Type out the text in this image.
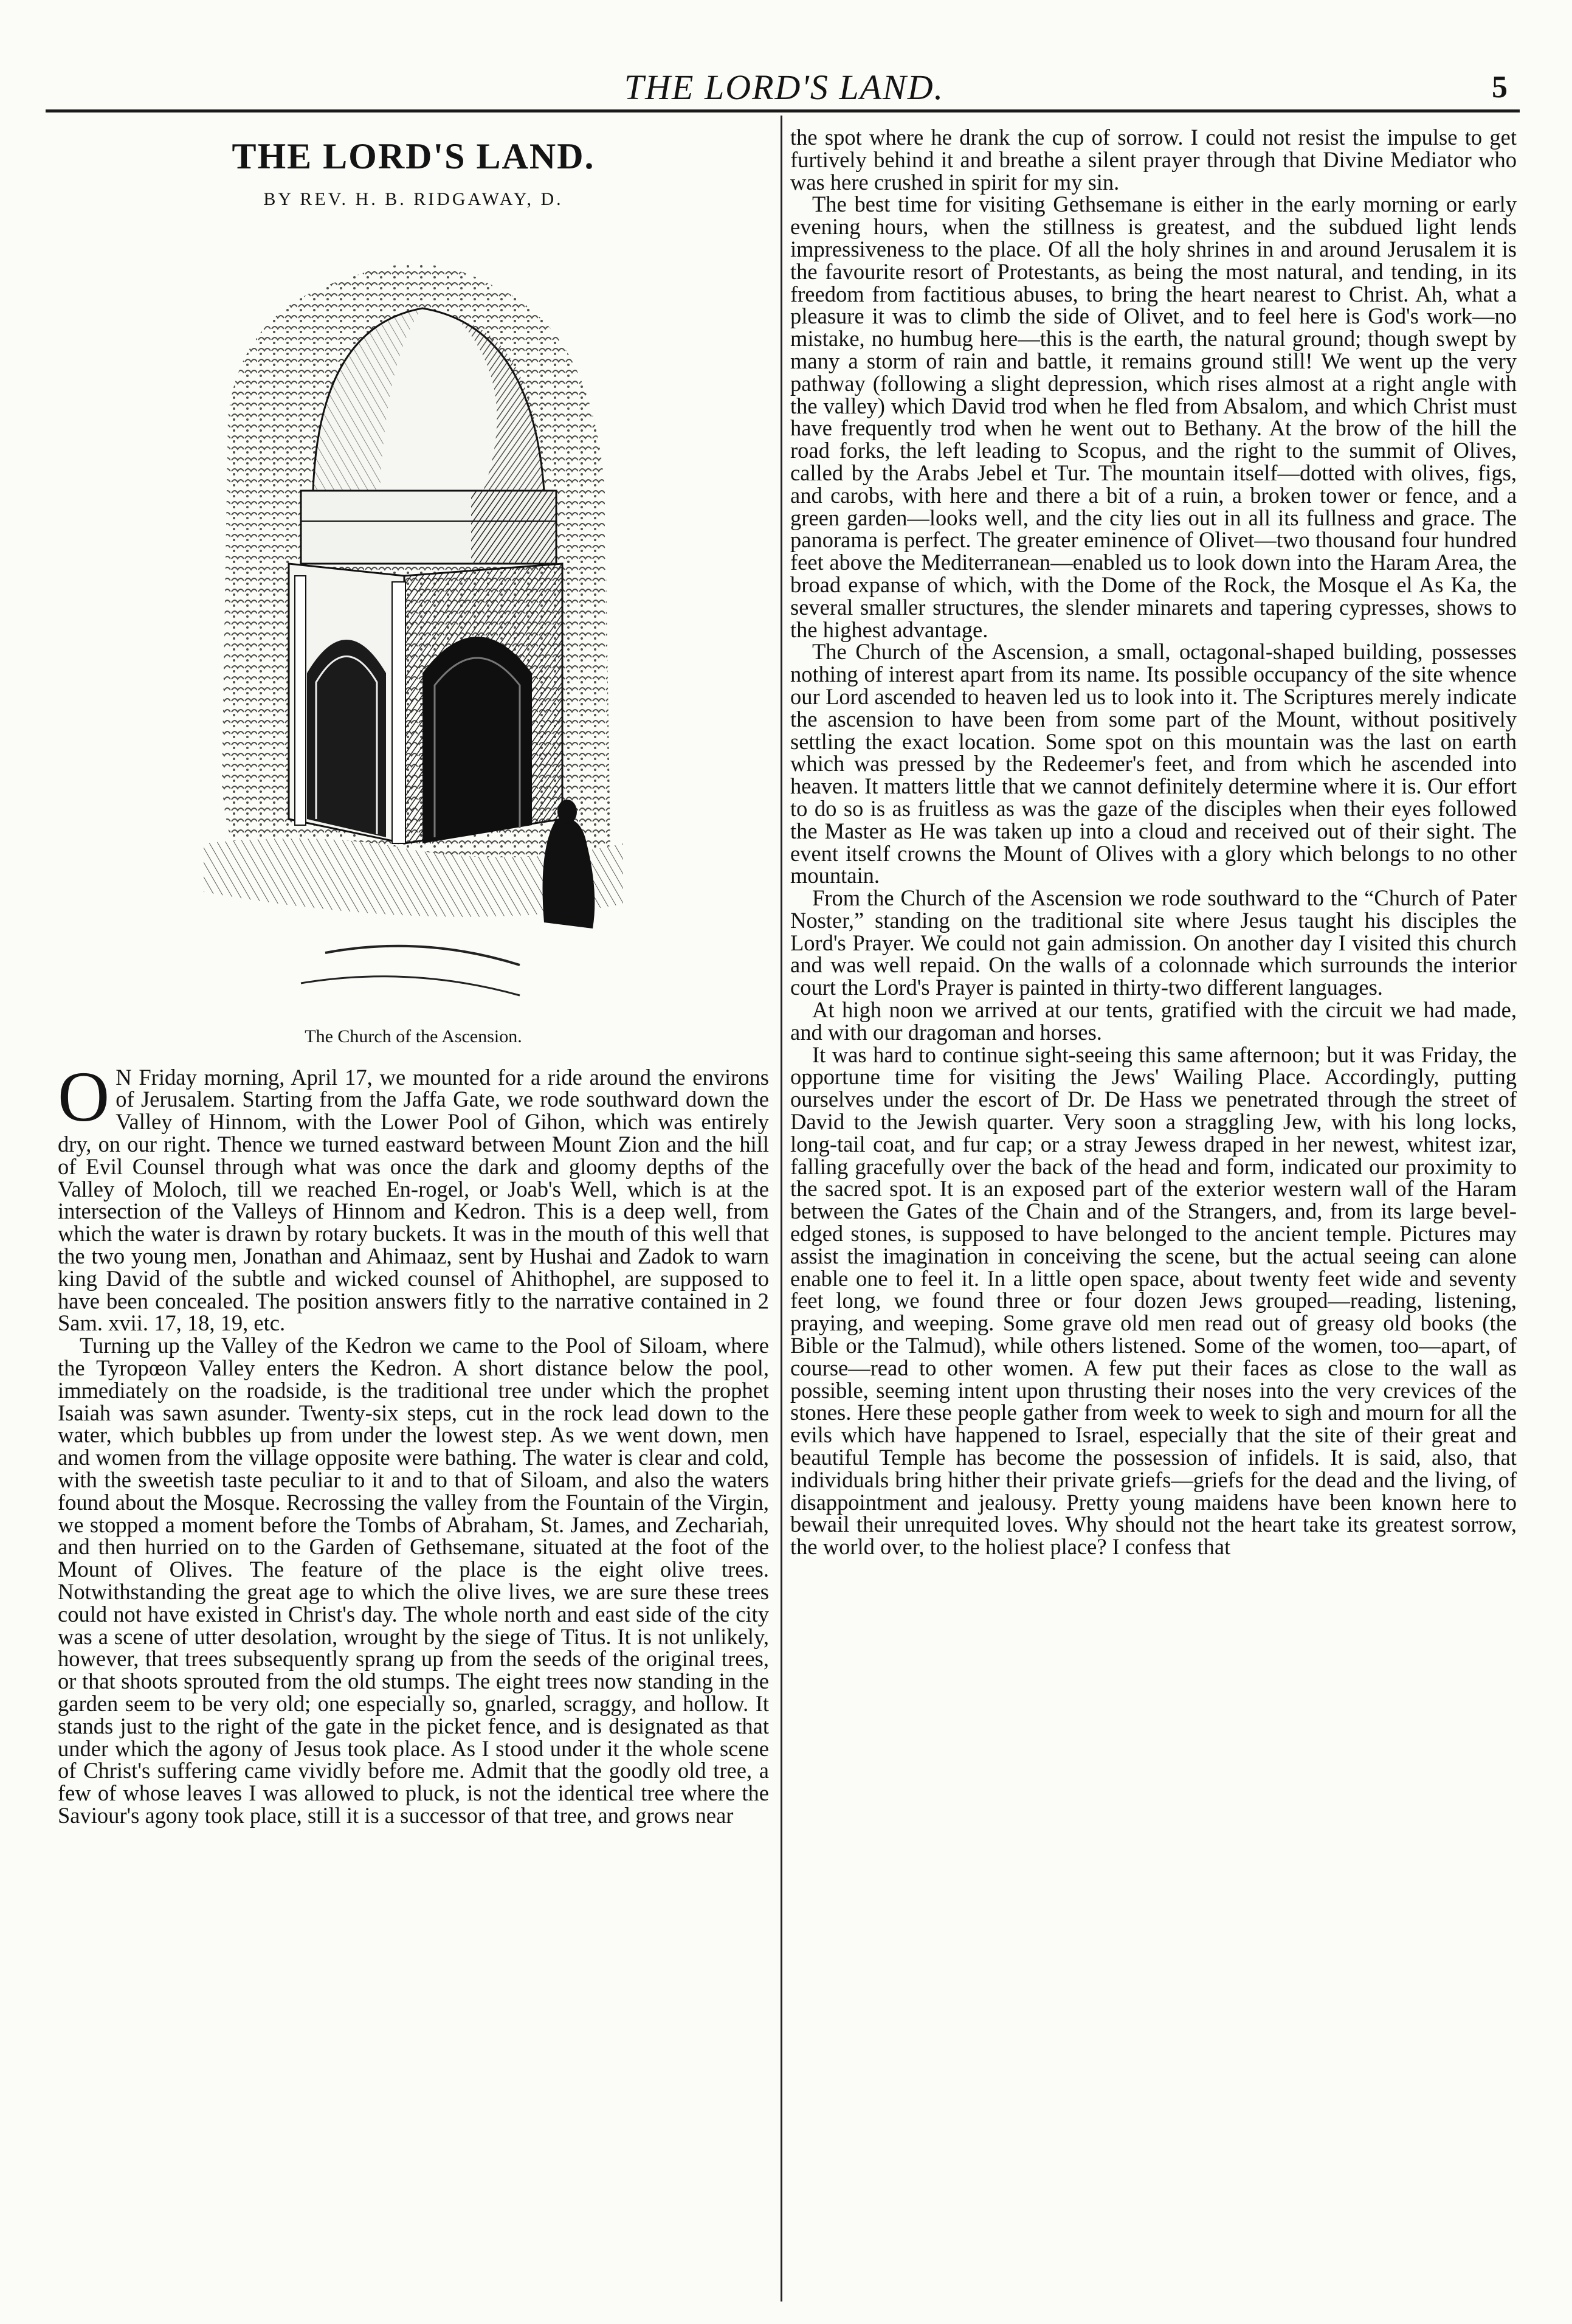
THE LORD'S LAND.	5
THE LORD'S LAND.
BY REV. H. B. RIDGAWAY, D.
The Church of the Ascension.

O N Friday morning, April 17, we mounted for a ride around the environs of Jerusalem. Starting from the Jaffa Gate, we rode southward down the Valley of Hinnom, with the Lower Pool of Gihon, which was entirely dry, on our right. Thence we turned eastward between Mount Zion and the hill of Evil Counsel through what was once the dark and gloomy depths of the Valley of Moloch, till we reached En-rogel, or Joab's Well, which is at the intersection of the Valleys of Hinnom and Kedron. This is a deep well, from which the water is drawn by rotary buckets. It was in the mouth of this well that the two young men, Jonathan and Ahimaaz, sent by Hushai and Zadok to warn king David of the subtle and wicked counsel of Ahithophel, are supposed to have been concealed. The position answers fitly to the narrative contained in 2 Sam. xvii. 17, 18, 19, etc.

Turning up the Valley of the Kedron we came to the Pool of Siloam, where the Tyropœon Valley enters the Kedron. A short distance below the pool, immediately on the roadside, is the traditional tree under which the prophet Isaiah was sawn asunder. Twenty-six steps, cut in the rock lead down to the water, which bubbles up from under the lowest step. As we went down, men and women from the village opposite were bathing. The water is clear and cold, with the sweetish taste peculiar to it and to that of Siloam, and also the waters found about the Mosque. Recrossing the valley from the Fountain of the Virgin, we stopped a moment before the Tombs of Abraham, St. James, and Zechariah, and then hurried on to the Garden of Gethsemane, situated at the foot of the Mount of Olives. The feature of the place is the eight olive trees. Notwithstanding the great age to which the olive lives, we are sure these trees could not have existed in Christ's day. The whole north and east side of the city was a scene of utter desolation, wrought by the siege of Titus. It is not unlikely, however, that trees subsequently sprang up from the seeds of the original trees, or that shoots sprouted from the old stumps. The eight trees now standing in the garden seem to be very old; one especially so, gnarled, scraggy, and hollow. It stands just to the right of the gate in the picket fence, and is designated as that under which the agony of Jesus took place. As I stood under it the whole scene of Christ's suffering came vividly before me. Admit that the goodly old tree, a few of whose leaves I was allowed to pluck, is not the identical tree where the Saviour's agony took place, still it is a successor of that tree, and grows near

the spot where he drank the cup of sorrow. I could not resist the impulse to get furtively behind it and breathe a silent prayer through that Divine Mediator who was here crushed in spirit for my sin.

The best time for visiting Gethsemane is either in the early morning or early evening hours, when the stillness is greatest, and the subdued light lends impressiveness to the place. Of all the holy shrines in and around Jerusalem it is the favourite resort of Protestants, as being the most natural, and tending, in its freedom from factitious abuses, to bring the heart nearest to Christ. Ah, what a pleasure it was to climb the side of Olivet, and to feel here is God's work—no mistake, no humbug here—this is the earth, the natural ground; though swept by many a storm of rain and battle, it remains ground still! We went up the very pathway (following a slight depression, which rises almost at a right angle with the valley) which David trod when he fled from Absalom, and which Christ must have frequently trod when he went out to Bethany. At the brow of the hill the road forks, the left leading to Scopus, and the right to the summit of Olives, called by the Arabs Jebel et Tur. The mountain itself—dotted with olives, figs, and carobs, with here and there a bit of a ruin, a broken tower or fence, and a green garden—looks well, and the city lies out in all its fullness and grace. The panorama is perfect. The greater eminence of Olivet—two thousand four hundred feet above the Mediterranean—enabled us to look down into the Haram Area, the broad expanse of which, with the Dome of the Rock, the Mosque el As Ka, the several smaller structures, the slender minarets and tapering cypresses, shows to the highest advantage.

The Church of the Ascension, a small, octagonal-shaped building, possesses nothing of interest apart from its name. Its possible occupancy of the site whence our Lord ascended to heaven led us to look into it. The Scriptures merely indicate the ascension to have been from some part of the Mount, without positively settling the exact location. Some spot on this mountain was the last on earth which was pressed by the Redeemer's feet, and from which he ascended into heaven. It matters little that we cannot definitely determine where it is. Our effort to do so is as fruitless as was the gaze of the disciples when their eyes followed the Master as He was taken up into a cloud and received out of their sight. The event itself crowns the Mount of Olives with a glory which belongs to no other mountain.

From the Church of the Ascension we rode southward to the “Church of Pater Noster,” standing on the traditional site where Jesus taught his disciples the Lord's Prayer. We could not gain admission. On another day I visited this church and was well repaid. On the walls of a colonnade which surrounds the interior court the Lord's Prayer is painted in thirty-two different languages.

At high noon we arrived at our tents, gratified with the circuit we had made, and with our dragoman and horses.

It was hard to continue sight-seeing this same afternoon; but it was Friday, the opportune time for visiting the Jews' Wailing Place. Accordingly, putting ourselves under the escort of Dr. De Hass we penetrated through the street of David to the Jewish quarter. Very soon a straggling Jew, with his long locks, long-tail coat, and fur cap; or a stray Jewess draped in her newest, whitest izar, falling gracefully over the back of the head and form, indicated our proximity to the sacred spot. It is an exposed part of the exterior western wall of the Haram between the Gates of the Chain and of the Strangers, and, from its large bevel-edged stones, is supposed to have belonged to the ancient temple. Pictures may assist the imagination in conceiving the scene, but the actual seeing can alone enable one to feel it. In a little open space, about twenty feet wide and seventy feet long, we found three or four dozen Jews grouped—reading, listening, praying, and weeping. Some grave old men read out of greasy old books (the Bible or the Talmud), while others listened. Some of the women, too—apart, of course—read to other women. A few put their faces as close to the wall as possible, seeming intent upon thrusting their noses into the very crevices of the stones. Here these people gather from week to week to sigh and mourn for all the evils which have happened to Israel, especially that the site of their great and beautiful Temple has become the possession of infidels. It is said, also, that individuals bring hither their private griefs—griefs for the dead and the living, of disappointment and jealousy. Pretty young maidens have been known here to bewail their unrequited loves. Why should not the heart take its greatest sorrow, the world over, to the holiest place? I confess that
